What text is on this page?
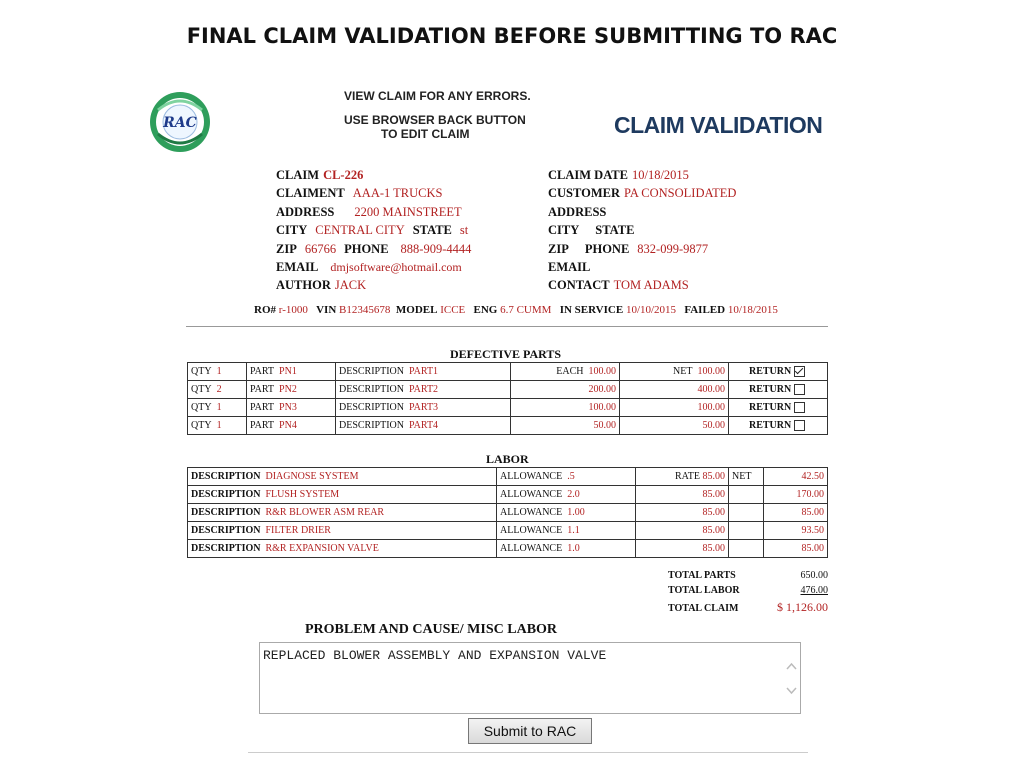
FINAL CLAIM VALIDATION BEFORE SUBMITTING TO RAC
RAC
VIEW CLAIM FOR ANY ERRORS.
USE BROWSER BACK BUTTON
TO EDIT CLAIM	CLAIM VALIDATION
CLAIM CL-226
CLAIMENT AAA-1 TRUCKS
ADDRESS 2200 MAINSTREET
CITY CENTRAL CITY STATE st
ZIP 66766 PHONE 888-909-4444
EMAIL dmjsoftware@hotmail.com
AUTHOR JACK
CLAIM DATE 10/18/2015
CUSTOMER PA CONSOLIDATED
ADDRESS
CITY STATE
ZIP PHONE 832-099-9877
EMAIL
CONTACT TOM ADAMS
RO# r-1000 VIN B12345678 MODEL ICCE ENG 6.7 CUMM IN SERVICE 10/10/2015 FAILED 10/18/2015
DEFECTIVE PARTS
QTY 1	PART PN1	DESCRIPTION PART1	EACH 100.00	NET 100.00	RETURN
QTY 2	PART PN2	DESCRIPTION PART2	200.00	400.00	RETURN
QTY 1	PART PN3	DESCRIPTION PART3	100.00	100.00	RETURN
QTY 1	PART PN4	DESCRIPTION PART4	50.00	50.00	RETURN
LABOR
DESCRIPTION DIAGNOSE SYSTEM	ALLOWANCE .5	RATE 85.00	NET	42.50
DESCRIPTION FLUSH SYSTEM	ALLOWANCE 2.0	85.00		170.00
DESCRIPTION R&R BLOWER ASM REAR	ALLOWANCE 1.00	85.00		85.00
DESCRIPTION FILTER DRIER	ALLOWANCE 1.1	85.00		93.50
DESCRIPTION R&R EXPANSION VALVE	ALLOWANCE 1.0	85.00		85.00
TOTAL PARTS	650.00
TOTAL LABOR	476.00
TOTAL CLAIM	$ 1,126.00
PROBLEM AND CAUSE/ MISC LABOR
REPLACED BLOWER ASSEMBLY AND EXPANSION VALVE
Submit to RAC
